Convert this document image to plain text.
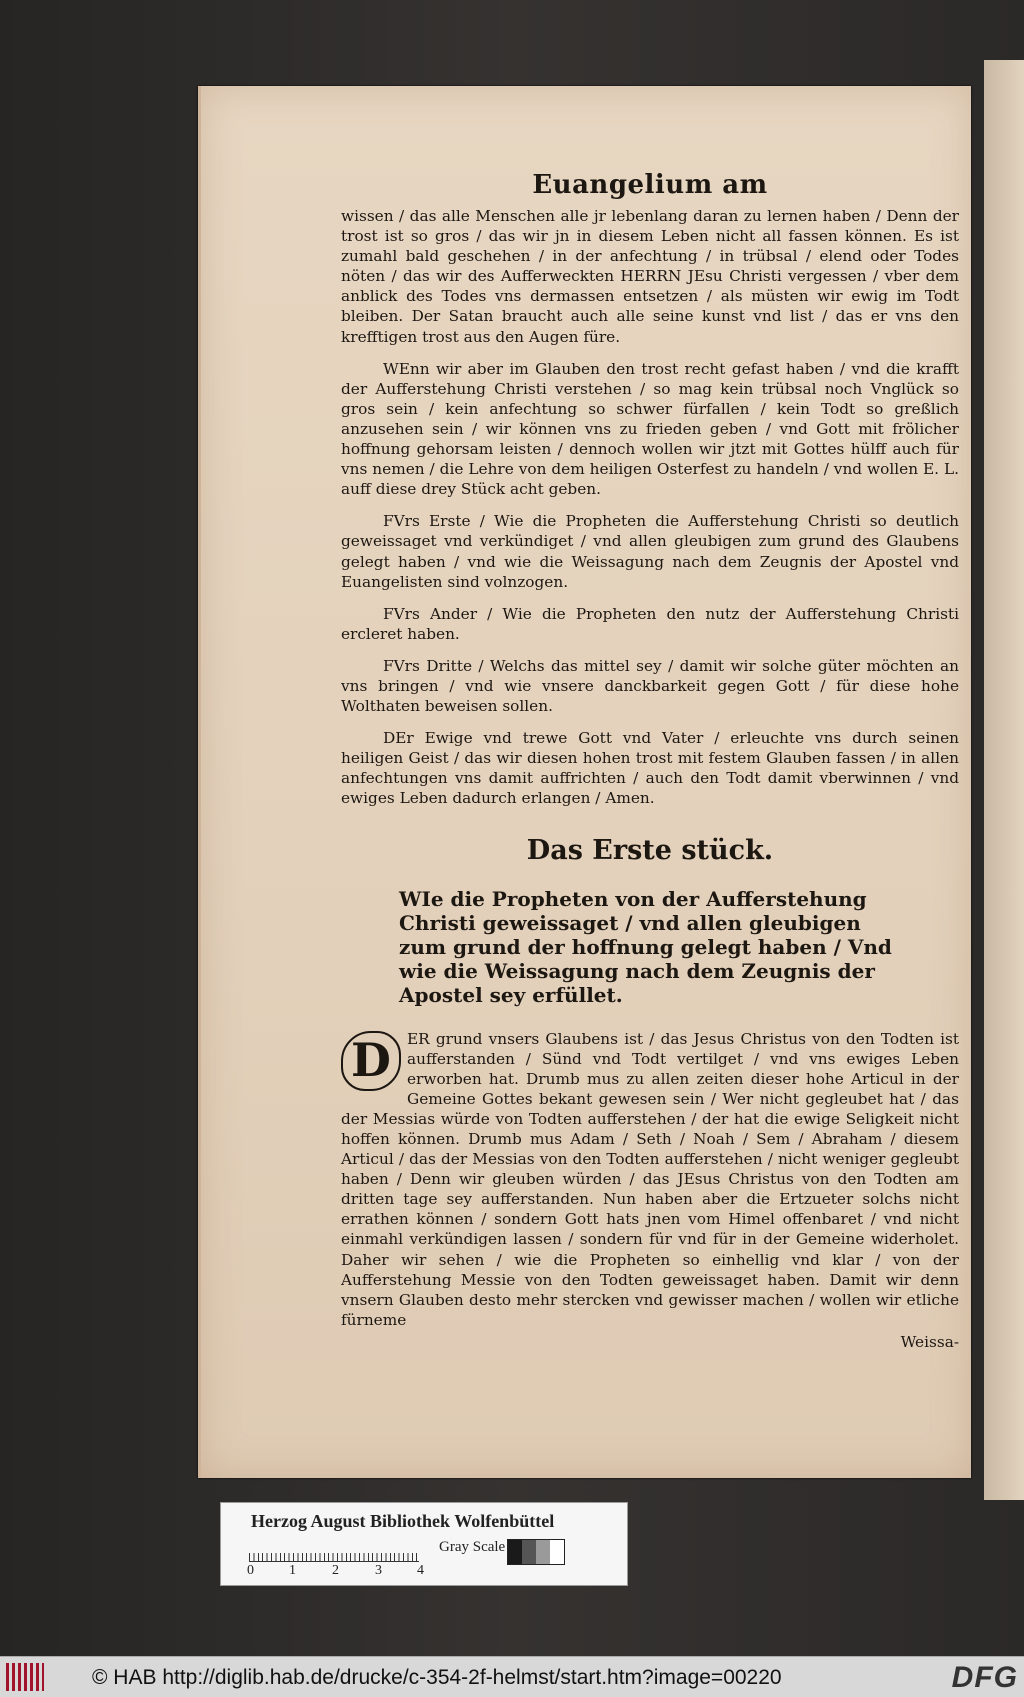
Euangelium am

wissen / das alle Menschen alle jr lebenlang daran zu lernen haben / Denn der trost ist so gros / das wir jn in diesem Leben nicht all fassen können. Es ist zumahl bald geschehen / in der anfechtung / in trübsal / elend oder Todes nöten / das wir des Aufferweckten HERRN JEsu Christi vergessen / vber dem anblick des Todes vns dermassen entsetzen / als müsten wir ewig im Todt bleiben. Der Satan braucht auch alle seine kunst vnd list / das er vns den krefftigen trost aus den Augen füre.

WEnn wir aber im Glauben den trost recht gefast haben / vnd die krafft der Aufferstehung Christi verstehen / so mag kein trübsal noch Vnglück so gros sein / kein anfechtung so schwer fürfallen / kein Todt so greßlich anzusehen sein / wir können vns zu frieden geben / vnd Gott mit frölicher hoffnung gehorsam leisten / dennoch wollen wir jtzt mit Gottes hülff auch für vns nemen / die Lehre von dem heiligen Osterfest zu handeln / vnd wollen E. L. auff diese drey Stück acht geben.

FVrs Erste / Wie die Propheten die Aufferstehung Christi so deutlich geweissaget vnd verkündiget / vnd allen gleubigen zum grund des Glaubens gelegt haben / vnd wie die Weissagung nach dem Zeugnis der Apostel vnd Euangelisten sind volnzogen.

FVrs Ander / Wie die Propheten den nutz der Aufferstehung Christi ercleret haben.

FVrs Dritte / Welchs das mittel sey / damit wir solche güter möchten an vns bringen / vnd wie vnsere danckbarkeit gegen Gott / für diese hohe Wolthaten beweisen sollen.

DEr Ewige vnd trewe Gott vnd Vater / erleuchte vns durch seinen heiligen Geist / das wir diesen hohen trost mit festem Glauben fassen / in allen anfechtungen vns damit auffrichten / auch den Todt damit vberwinnen / vnd ewiges Leben dadurch erlangen / Amen.

Das Erste stück.
WIe die Propheten von der Aufferstehung Christi geweissaget / vnd allen gleubigen zum grund der hoffnung gelegt haben / Vnd wie die Weissagung nach dem Zeugnis der Apostel sey erfüllet.
D	ER grund vnsers Glaubens ist / das Jesus Christus von den Todten ist aufferstanden / Sünd vnd Todt vertilget / vnd vns ewiges Leben erworben hat. Drumb mus zu allen zeiten dieser hohe Articul in der Gemeine Gottes bekant gewesen sein / Wer nicht gegleubet hat / das der Messias würde von Todten aufferstehen / der hat die ewige Seligkeit nicht hoffen können. Drumb mus Adam / Seth / Noah / Sem / Abraham / diesem Articul / das der Messias von den Todten aufferstehen / nicht weniger gegleubt haben / Denn wir gleuben würden / das JEsus Christus von den Todten am dritten tage sey aufferstanden. Nun haben aber die Ertzueter solchs nicht errathen können / sondern Gott hats jnen vom Himel offenbaret / vnd nicht einmahl verkündigen lassen / sondern für vnd für in der Gemeine widerholet. Daher wir sehen / wie die Propheten so einhellig vnd klar / von der Aufferstehung Messie von den Todten geweissaget haben. Damit wir denn vnsern Glauben desto mehr stercken vnd gewisser machen / wollen wir etliche fürneme
Weissa-
Herzog August Bibliothek Wolfenbüttel
0	1	2	3	4
Gray Scale
© HAB http://diglib.hab.de/drucke/c-354-2f-helmst/start.htm?image=00220	DFG
